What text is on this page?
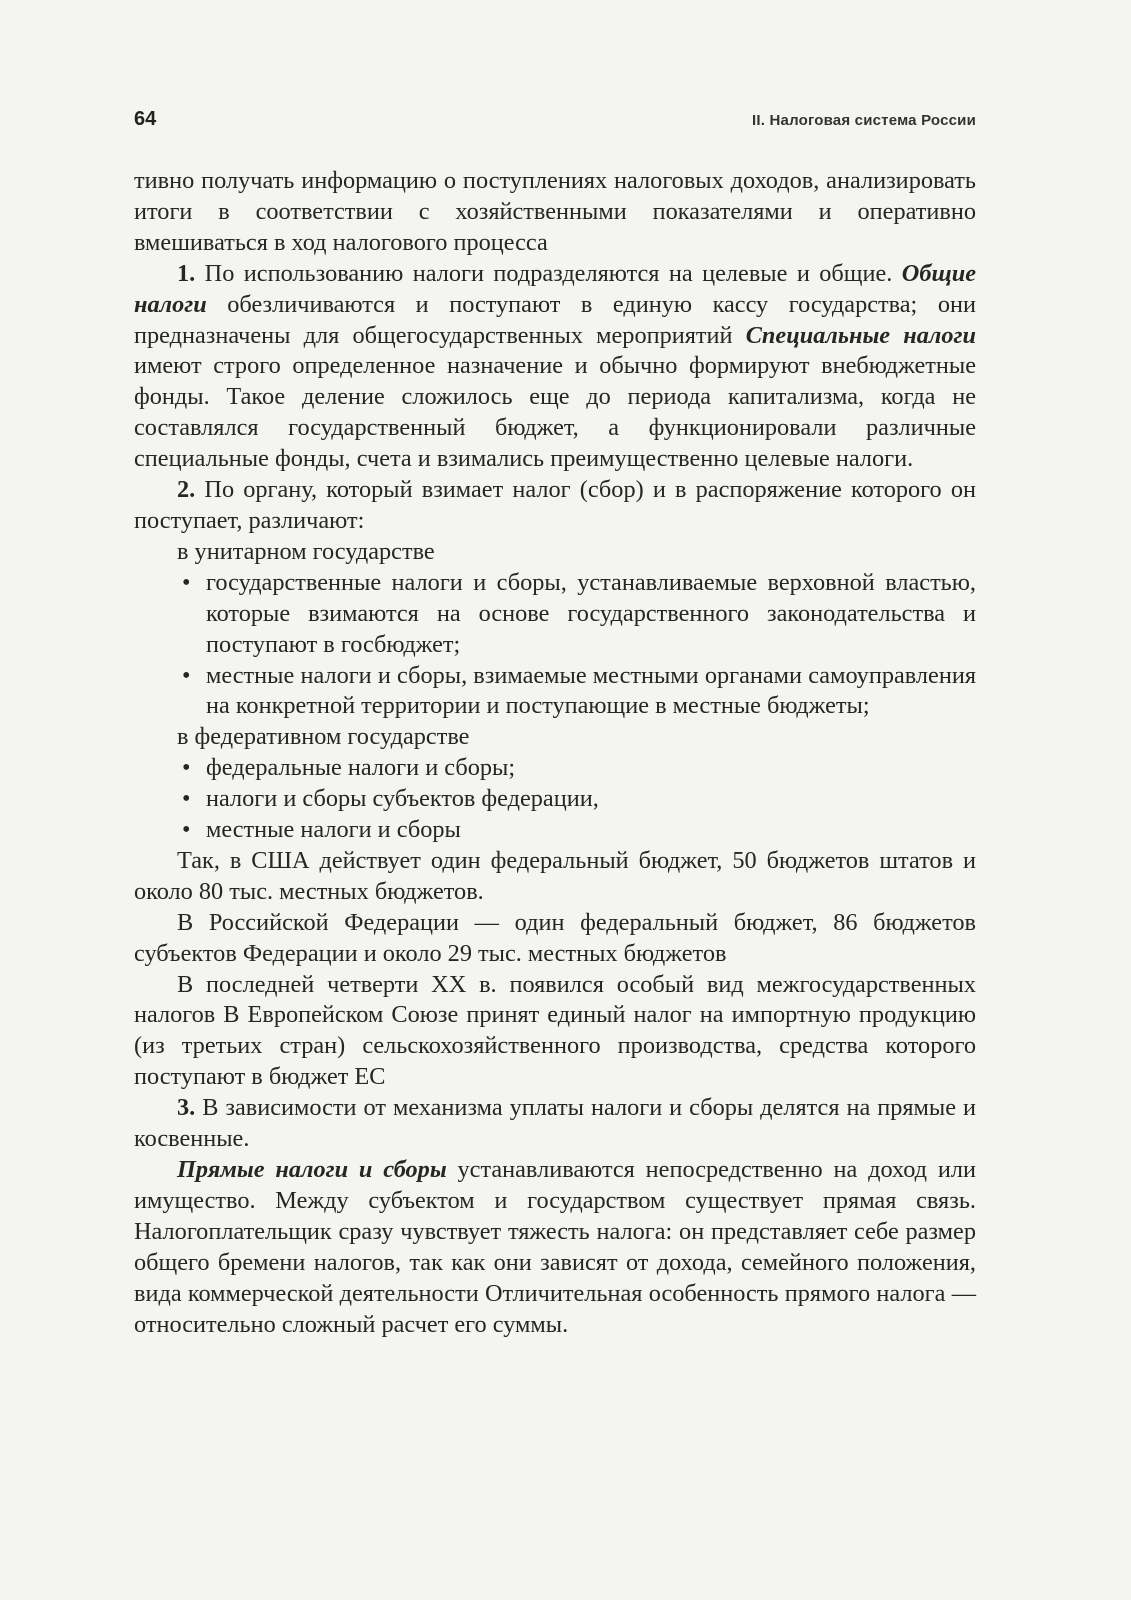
64	II. Налоговая система России

тивно получать информацию о поступлениях налоговых доходов, анализировать итоги в соответствии с хозяйственными показателями и оперативно вмешиваться в ход налогового процесса

1. По использованию налоги подразделяются на целевые и общие. Общие налоги обезличиваются и поступают в единую кассу государства; они предназначены для общегосударственных мероприятий Специальные налоги имеют строго определенное назначение и обычно формируют внебюджетные фонды. Такое деление сложилось еще до периода капитализма, когда не составлялся государственный бюджет, а функционировали различные специальные фонды, счета и взимались преимущественно целевые налоги.

2. По органу, который взимает налог (сбор) и в распоряжение которого он поступает, различают:

в унитарном государстве

• государственные налоги и сборы, устанавливаемые верховной властью, которые взимаются на основе государственного законодательства и поступают в госбюджет;
• местные налоги и сборы, взимаемые местными органами самоуправления на конкретной территории и поступающие в местные бюджеты;

в федеративном государстве

• федеральные налоги и сборы;
• налоги и сборы субъектов федерации,
• местные налоги и сборы

Так, в США действует один федеральный бюджет, 50 бюджетов штатов и около 80 тыс. местных бюджетов.

В Российской Федерации — один федеральный бюджет, 86 бюджетов субъектов Федерации и около 29 тыс. местных бюджетов

В последней четверти XX в. появился особый вид межгосударственных налогов В Европейском Союзе принят единый налог на импортную продукцию (из третьих стран) сельскохозяйственного производства, средства которого поступают в бюджет ЕС

3. В зависимости от механизма уплаты налоги и сборы делятся на прямые и косвенные.

Прямые налоги и сборы устанавливаются непосредственно на доход или имущество. Между субъектом и государством существует прямая связь. Налогоплательщик сразу чувствует тяжесть налога: он представляет себе размер общего бремени налогов, так как они зависят от дохода, семейного положения, вида коммерческой деятельности Отличительная особенность прямого налога — относительно сложный расчет его суммы.
